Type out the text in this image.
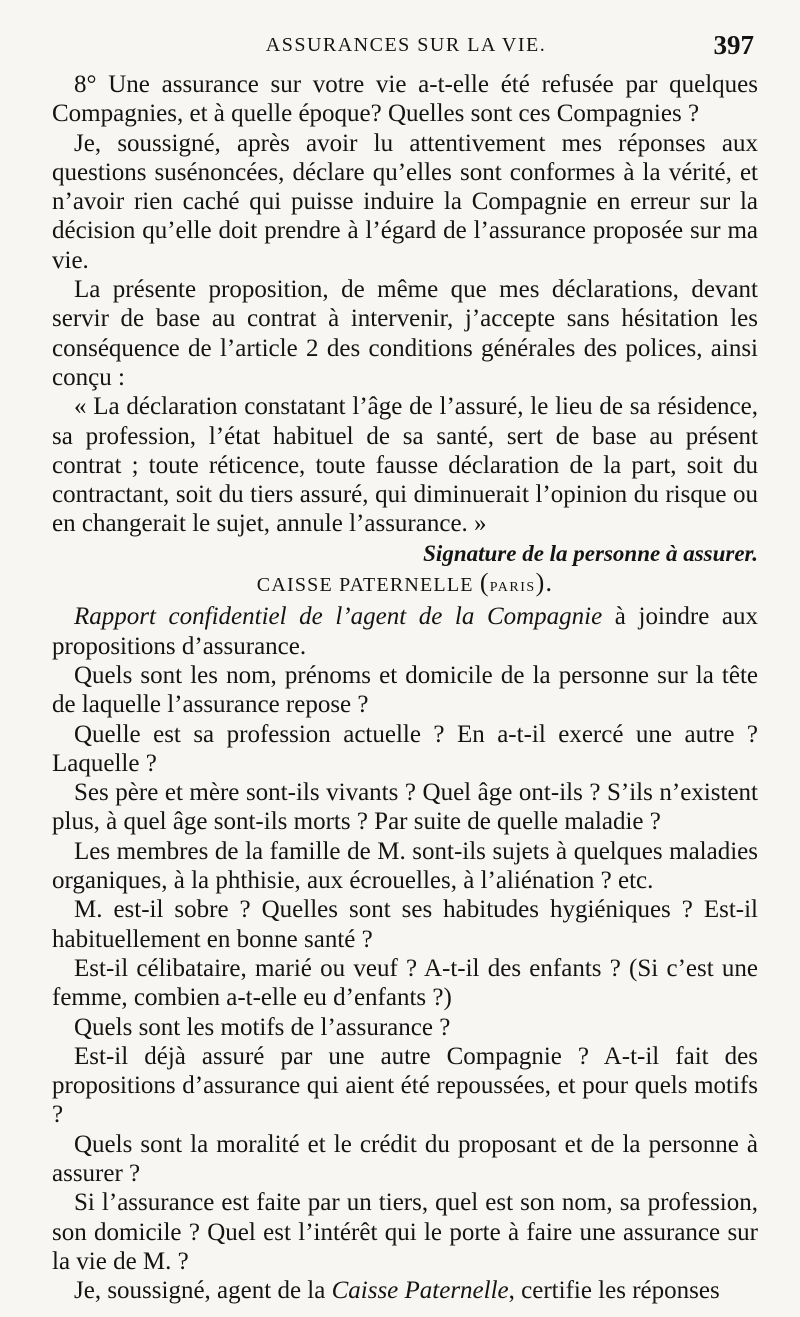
ASSURANCES SUR LA VIE.	397

8° Une assurance sur votre vie a-t-elle été refusée par quelques Compagnies, et à quelle époque? Quelles sont ces Compagnies ?

Je, soussigné, après avoir lu attentivement mes réponses aux questions susénoncées, déclare qu’elles sont conformes à la vérité, et n’avoir rien caché qui puisse induire la Compagnie en erreur sur la décision qu’elle doit prendre à l’égard de l’assurance proposée sur ma vie.

La présente proposition, de même que mes déclarations, devant servir de base au contrat à intervenir, j’accepte sans hésitation les conséquence de l’article 2 des conditions générales des polices, ainsi conçu :

« La déclaration constatant l’âge de l’assuré, le lieu de sa résidence, sa profession, l’état habituel de sa santé, sert de base au présent contrat ; toute réticence, toute fausse déclaration de la part, soit du contractant, soit du tiers assuré, qui diminuerait l’opinion du risque ou en changerait le sujet, annule l’assurance. »

Signature de la personne à assurer.

CAISSE PATERNELLE (PARIS).

Rapport confidentiel de l’agent de la Compagnie à joindre aux propositions d’assurance.

Quels sont les nom, prénoms et domicile de la personne sur la tête de laquelle l’assurance repose ?

Quelle est sa profession actuelle ? En a-t-il exercé une autre ? Laquelle ?

Ses père et mère sont-ils vivants ? Quel âge ont-ils ? S’ils n’existent plus, à quel âge sont-ils morts ? Par suite de quelle maladie ?

Les membres de la famille de M. sont-ils sujets à quelques maladies organiques, à la phthisie, aux écrouelles, à l’aliénation ? etc.

M. est-il sobre ? Quelles sont ses habitudes hygiéniques ? Est-il habituellement en bonne santé ?

Est-il célibataire, marié ou veuf ? A-t-il des enfants ? (Si c’est une femme, combien a-t-elle eu d’enfants ?)

Quels sont les motifs de l’assurance ?

Est-il déjà assuré par une autre Compagnie ? A-t-il fait des propositions d’assurance qui aient été repoussées, et pour quels motifs ?

Quels sont la moralité et le crédit du proposant et de la personne à assurer ?

Si l’assurance est faite par un tiers, quel est son nom, sa profession, son domicile ? Quel est l’intérêt qui le porte à faire une assurance sur la vie de M. ?

Je, soussigné, agent de la Caisse Paternelle, certifie les réponses
